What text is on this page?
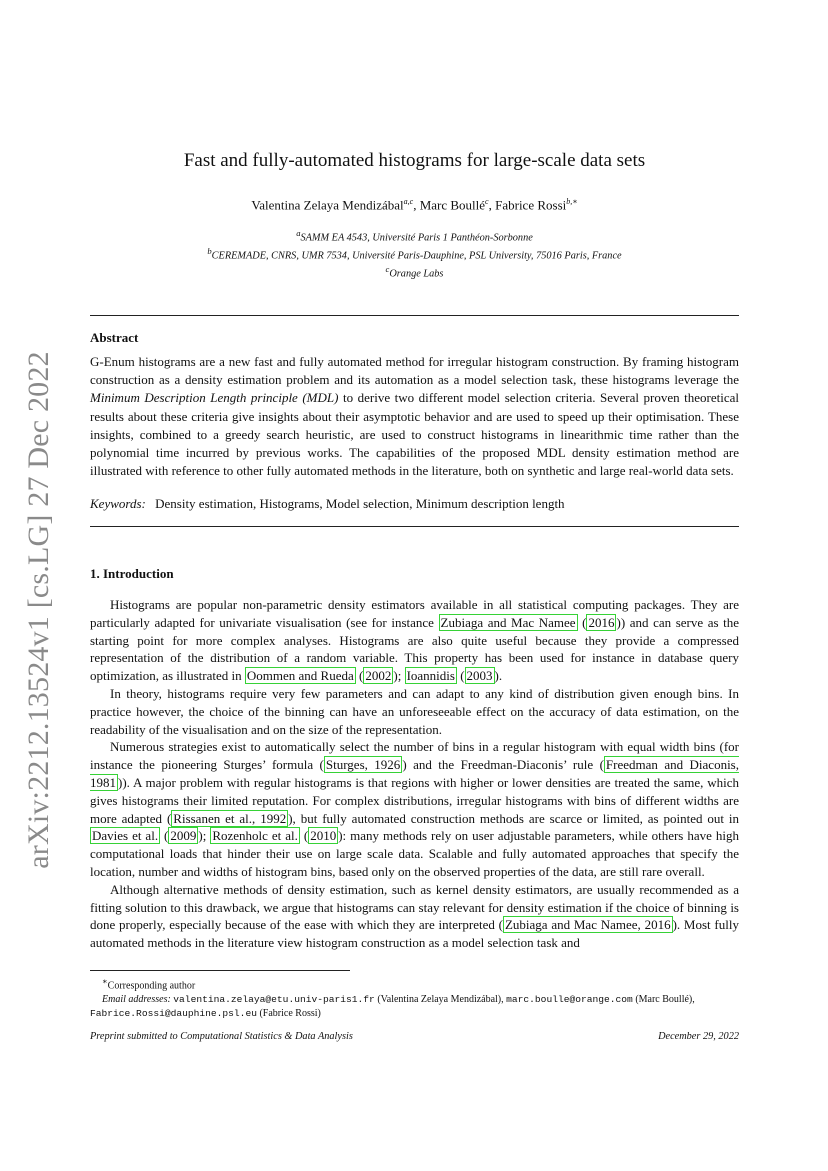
arXiv:2212.13524v1 [cs.LG] 27 Dec 2022
Fast and fully-automated histograms for large-scale data sets
Valentina Zelaya Mendizábal$^{a,c}$, Marc Boullé$^c$, Fabrice Rossi$^{b,∗}$
$^a$SAMM EA 4543, Université Paris 1 Panthéon-Sorbonne
$^b$CEREMADE, CNRS, UMR 7534, Université Paris-Dauphine, PSL University, 75016 Paris, France
$^c$Orange Labs
Abstract
G-Enum histograms are a new fast and fully automated method for irregular histogram construction. By framing histogram construction as a density estimation problem and its automation as a model selection task, these histograms leverage the Minimum Description Length principle (MDL) to derive two different model selection criteria. Several proven theoretical results about these criteria give insights about their asymptotic behavior and are used to speed up their optimisation. These insights, combined to a greedy search heuristic, are used to construct histograms in linearithmic time rather than the polynomial time incurred by previous works. The capabilities of the proposed MDL density estimation method are illustrated with reference to other fully automated methods in the literature, both on synthetic and large real-world data sets.
Keywords: Density estimation, Histograms, Model selection, Minimum description length
1. Introduction

Histograms are popular non-parametric density estimators available in all statistical computing packages. They are particularly adapted for univariate visualisation (see for instance Zubiaga and Mac Namee ( 2016 )) and can serve as the starting point for more complex analyses. Histograms are also quite useful because they provide a compressed representation of the distribution of a random variable. This property has been used for instance in database query optimization, as illustrated in Oommen and Rueda ( 2002 ); Ioannidis ( 2003 ).

In theory, histograms require very few parameters and can adapt to any kind of distribution given enough bins. In practice however, the choice of the binning can have an unforeseeable effect on the accuracy of data estimation, on the readability of the visualisation and on the size of the representation.

Numerous strategies exist to automatically select the number of bins in a regular histogram with equal width bins (for instance the pioneering Sturges’ formula ( Sturges, 1926 ) and the Freedman-Diaconis’ rule ( Freedman and Diaconis, 1981 )). A major problem with regular histograms is that regions with higher or lower densities are treated the same, which gives histograms their limited reputation. For complex distributions, irregular histograms with bins of different widths are more adapted ( Rissanen et al., 1992 ), but fully automated construction methods are scarce or limited, as pointed out in Davies et al. ( 2009 ); Rozenholc et al. ( 2010 ): many methods rely on user adjustable parameters, while others have high computational loads that hinder their use on large scale data. Scalable and fully automated approaches that specify the location, number and widths of histogram bins, based only on the observed properties of the data, are still rare overall.

Although alternative methods of density estimation, such as kernel density estimators, are usually recommended as a fitting solution to this drawback, we argue that histograms can stay relevant for density estimation if the choice of binning is done properly, especially because of the ease with which they are interpreted ( Zubiaga and Mac Namee, 2016 ). Most fully automated methods in the literature view histogram construction as a model selection task and

∗Corresponding author
Email addresses: valentina.zelaya@etu.univ-paris1.fr (Valentina Zelaya Mendizábal), marc.boulle@orange.com (Marc Boullé),
Fabrice.Rossi@dauphine.psl.eu (Fabrice Rossi)
Preprint submitted to Computational Statistics & Data Analysis	December 29, 2022
